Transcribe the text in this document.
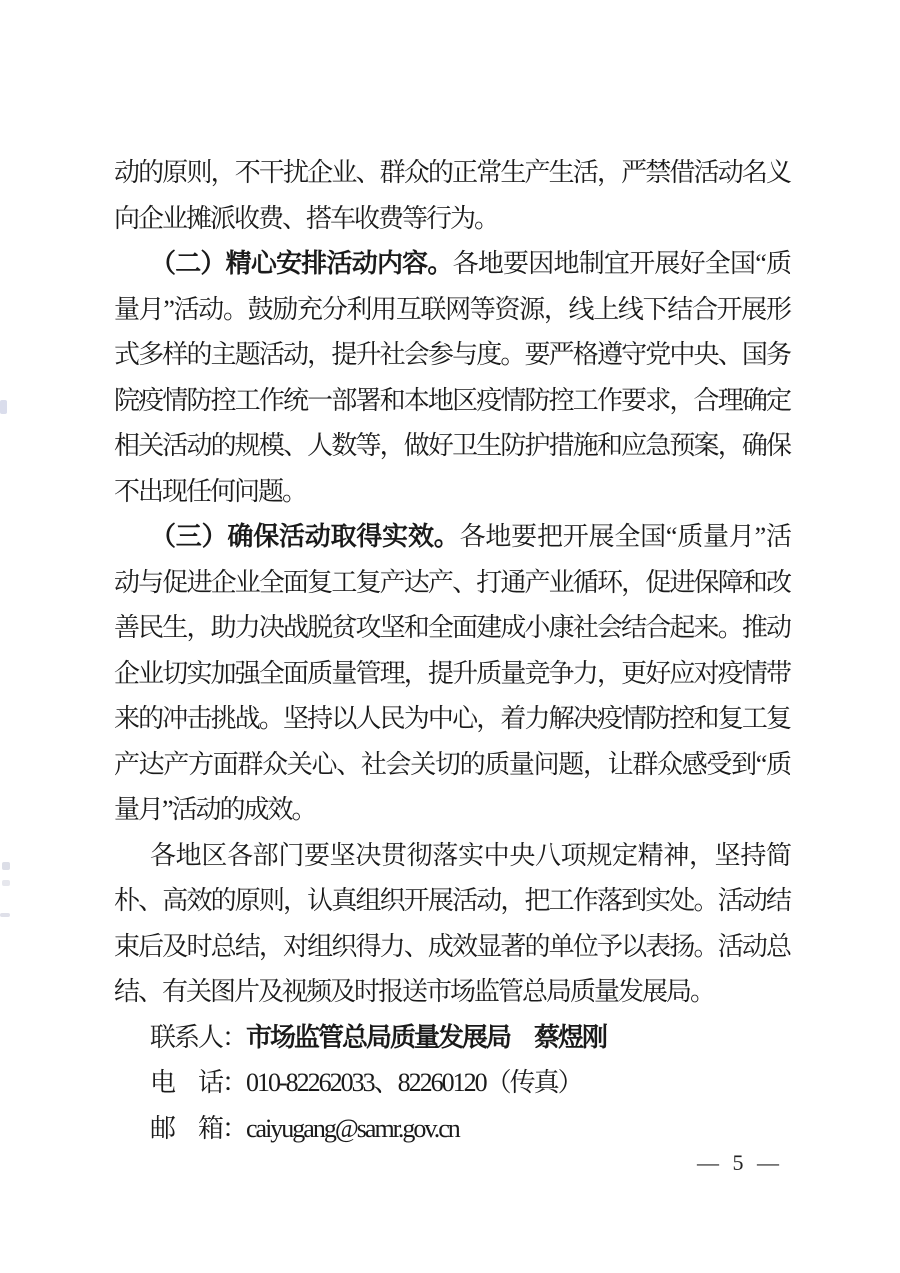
动的原则，不干扰企业、群众的正常生产生活，严禁借活动名义
向企业摊派收费、搭车收费等行为。
（二）精心安排活动内容。各地要因地制宜开展好全国“质
量月”活动。鼓励充分利用互联网等资源，线上线下结合开展形
式多样的主题活动，提升社会参与度。要严格遵守党中央、国务
院疫情防控工作统一部署和本地区疫情防控工作要求，合理确定
相关活动的规模、人数等，做好卫生防护措施和应急预案，确保
不出现任何问题。
（三）确保活动取得实效。各地要把开展全国“质量月”活
动与促进企业全面复工复产达产、打通产业循环，促进保障和改
善民生，助力决战脱贫攻坚和全面建成小康社会结合起来。推动
企业切实加强全面质量管理，提升质量竞争力，更好应对疫情带
来的冲击挑战。坚持以人民为中心，着力解决疫情防控和复工复
产达产方面群众关心、社会关切的质量问题，让群众感受到“质
量月”活动的成效。
各地区各部门要坚决贯彻落实中央八项规定精神，坚持简
朴、高效的原则，认真组织开展活动，把工作落到实处。活动结
束后及时总结，对组织得力、成效显著的单位予以表扬。活动总
结、有关图片及视频及时报送市场监管总局质量发展局。
联系人：市场监管总局质量发展局　蔡煜刚
电　话：010-82262033、82260120（传真）
邮　箱：caiyugang@samr.gov.cn
— 5 —
